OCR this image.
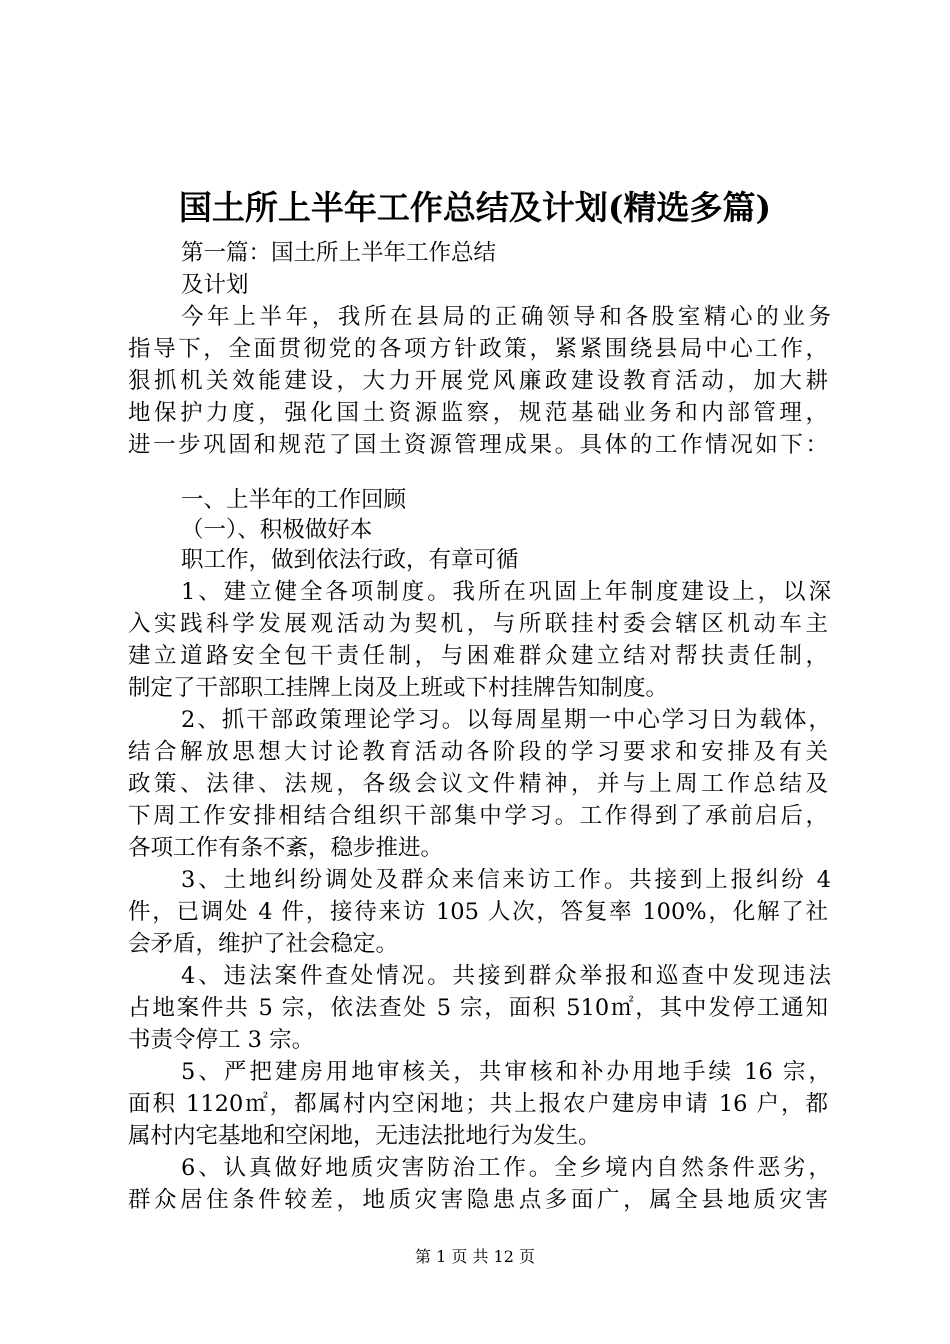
国土所上半年工作总结及计划(精选多篇)
第一篇：国土所上半年工作总结
及计划
今年上半年，我所在县局的正确领导和各股室精心的业务
指导下，全面贯彻党的各项方针政策，紧紧围绕县局中心工作，
狠抓机关效能建设，大力开展党风廉政建设教育活动，加大耕
地保护力度，强化国土资源监察，规范基础业务和内部管理，
进一步巩固和规范了国土资源管理成果。具体的工作情况如下：
一、上半年的工作回顾
（一）、积极做好本
职工作，做到依法行政，有章可循
1、建立健全各项制度。我所在巩固上年制度建设上，以深
入实践科学发展观活动为契机，与所联挂村委会辖区机动车主
建立道路安全包干责任制，与困难群众建立结对帮扶责任制，
制定了干部职工挂牌上岗及上班或下村挂牌告知制度。
2、抓干部政策理论学习。以每周星期一中心学习日为载体，
结合解放思想大讨论教育活动各阶段的学习要求和安排及有关
政策、法律、法规，各级会议文件精神，并与上周工作总结及
下周工作安排相结合组织干部集中学习。工作得到了承前启后，
各项工作有条不紊，稳步推进。
3、土地纠纷调处及群众来信来访工作。共接到上报纠纷 4
件，已调处 4 件，接待来访 105 人次，答复率 100%，化解了社
会矛盾，维护了社会稳定。
4、违法案件查处情况。共接到群众举报和巡查中发现违法
占地案件共 5 宗，依法查处 5 宗，面积 510㎡，其中发停工通知
书责令停工 3 宗。
5、严把建房用地审核关，共审核和补办用地手续 16 宗，
面积 1120㎡，都属村内空闲地；共上报农户建房申请 16 户，都
属村内宅基地和空闲地，无违法批地行为发生。
6、认真做好地质灾害防治工作。全乡境内自然条件恶劣，
群众居住条件较差，地质灾害隐患点多面广，属全县地质灾害
第 1 页 共 12 页
